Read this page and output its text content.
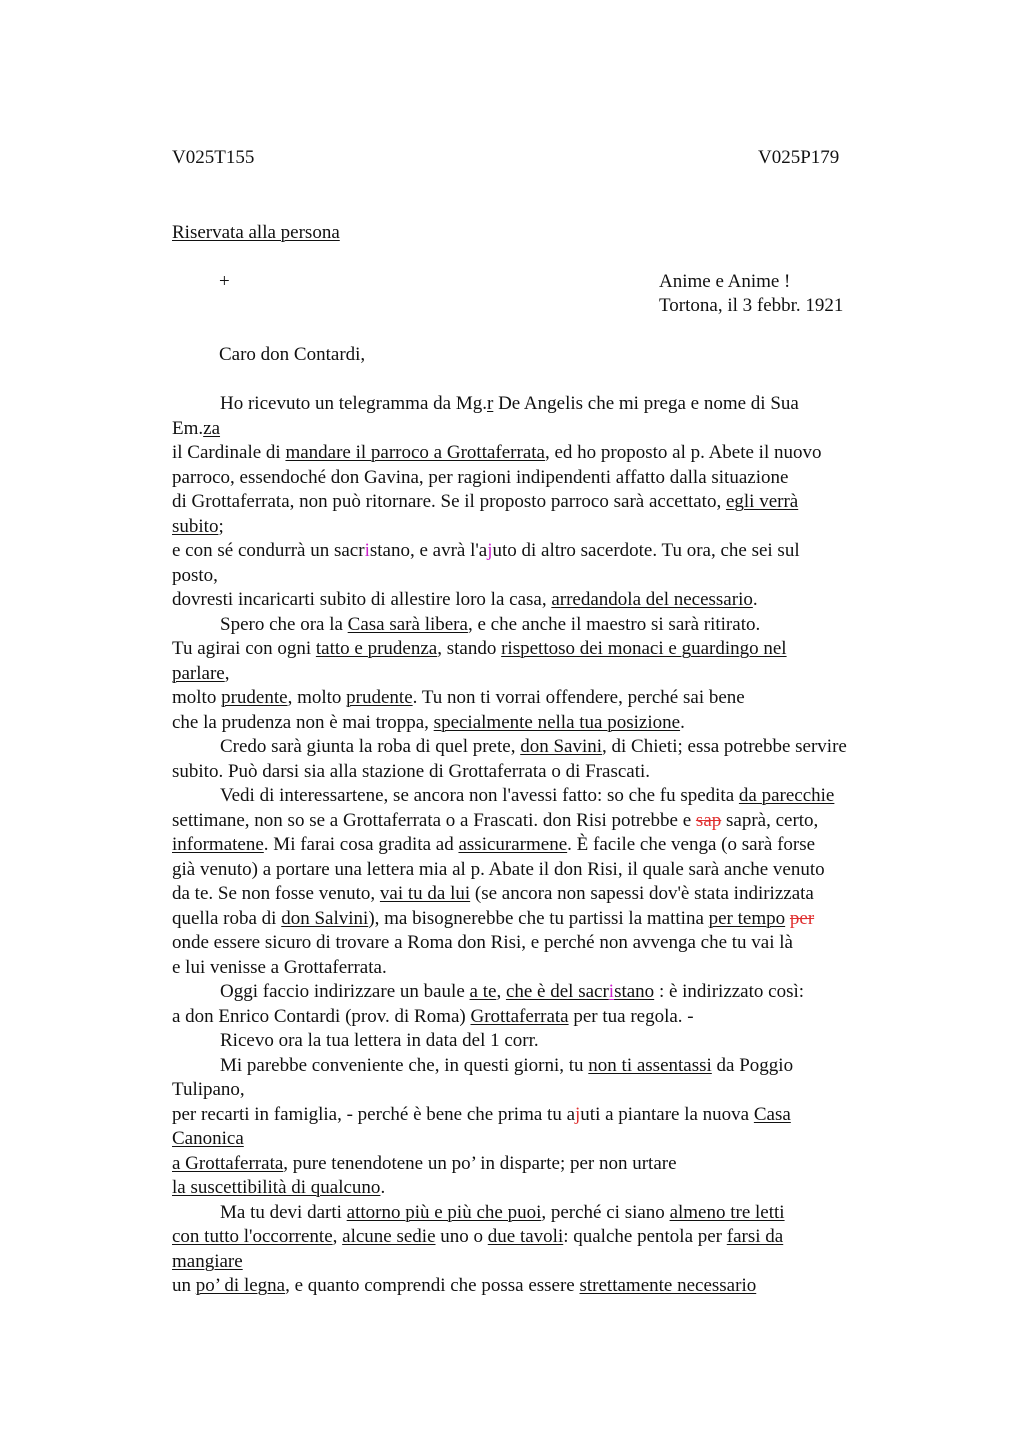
V025T155	V025P179
Riservata alla persona
+	Anime e Anime !
Tortona, il 3 febbr. 1921
Caro don Contardi,
Ho ricevuto un telegramma da Mg.r De Angelis che mi prega e nome di Sua
Em.za
il Cardinale di mandare il parroco a Grottaferrata, ed ho proposto al p. Abete il nuovo
parroco, essendoché don Gavina, per ragioni indipendenti affatto dalla situazione
di Grottaferrata, non può ritornare. Se il proposto parroco sarà accettato, egli verrà
subito;
e con sé condurrà un sacristano, e avrà l'ajuto di altro sacerdote. Tu ora, che sei sul
posto,
dovresti incaricarti subito di allestire loro la casa, arredandola del necessario.
Spero che ora la Casa sarà libera, e che anche il maestro si sarà ritirato.
Tu agirai con ogni tatto e prudenza, stando rispettoso dei monaci e guardingo nel
parlare,
molto prudente, molto prudente. Tu non ti vorrai offendere, perché sai bene
che la prudenza non è mai troppa, specialmente nella tua posizione.
Credo sarà giunta la roba di quel prete, don Savini, di Chieti; essa potrebbe servire
subito. Può darsi sia alla stazione di Grottaferrata o di Frascati.
Vedi di interessartene, se ancora non l'avessi fatto: so che fu spedita da parecchie
settimane, non so se a Grottaferrata o a Frascati. don Risi potrebbe e sap saprà, certo,
informatene. Mi farai cosa gradita ad assicurarmene. È facile che venga (o sarà forse
già venuto) a portare una lettera mia al p. Abate il don Risi, il quale sarà anche venuto
da te. Se non fosse venuto, vai tu da lui (se ancora non sapessi dov'è stata indirizzata
quella roba di don Salvini), ma bisognerebbe che tu partissi la mattina per tempo per
onde essere sicuro di trovare a Roma don Risi, e perché non avvenga che tu vai là
e lui venisse a Grottaferrata.
Oggi faccio indirizzare un baule a te, che è del sacristano : è indirizzato così:
a don Enrico Contardi (prov. di Roma) Grottaferrata per tua regola. -
Ricevo ora la tua lettera in data del 1 corr.
Mi parebbe conveniente che, in questi giorni, tu non ti assentassi da Poggio
Tulipano,
per recarti in famiglia, - perché è bene che prima tu ajuti a piantare la nuova Casa
Canonica
a Grottaferrata, pure tenendotene un po’ in disparte; per non urtare
la suscettibilità di qualcuno.
Ma tu devi darti attorno più e più che puoi, perché ci siano almeno tre letti
con tutto l'occorrente, alcune sedie uno o due tavoli: qualche pentola per farsi da
mangiare
un po’ di legna, e quanto comprendi che possa essere strettamente necessario
